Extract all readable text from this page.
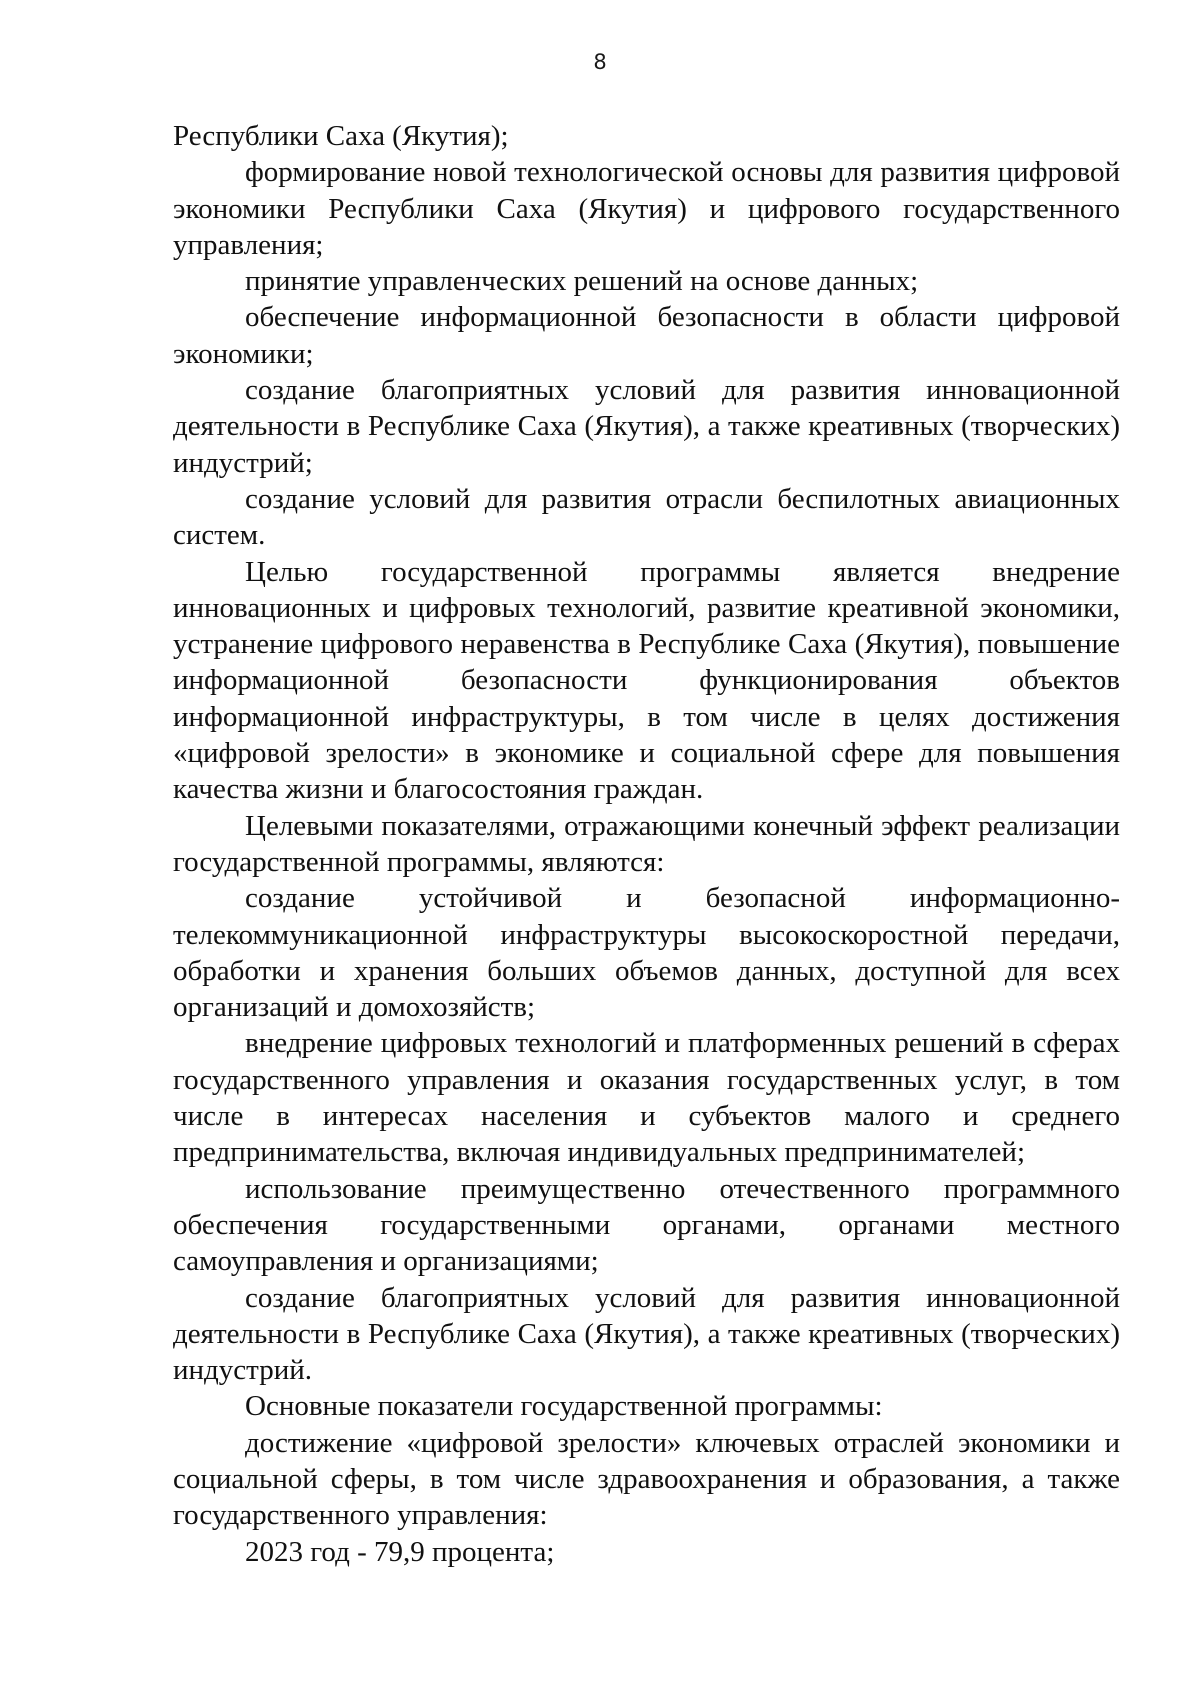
8

Республики Саха (Якутия);

формирование новой технологической основы для развития цифровой экономики Республики Саха (Якутия) и цифрового государственного управления;

принятие управленческих решений на основе данных;

обеспечение информационной безопасности в области цифровой экономики;

создание благоприятных условий для развития инновационной деятельности в Республике Саха (Якутия), а также креативных (творческих) индустрий;

создание условий для развития отрасли беспилотных авиационных систем.

Целью государственной программы является внедрение инновационных и цифровых технологий, развитие креативной экономики, устранение цифрового неравенства в Республике Саха (Якутия), повышение информационной безопасности функционирования объектов информационной инфраструктуры, в том числе в целях достижения «цифровой зрелости» в экономике и социальной сфере для повышения качества жизни и благосостояния граждан.

Целевыми показателями, отражающими конечный эффект реализации государственной программы, являются:

создание устойчивой и безопасной информационно-телекоммуникационной инфраструктуры высокоскоростной передачи, обработки и хранения больших объемов данных, доступной для всех организаций и домохозяйств;

внедрение цифровых технологий и платформенных решений в сферах государственного управления и оказания государственных услуг, в том числе в интересах населения и субъектов малого и среднего предпринимательства, включая индивидуальных предпринимателей;

использование преимущественно отечественного программного обеспечения государственными органами, органами местного самоуправления и организациями;

создание благоприятных условий для развития инновационной деятельности в Республике Саха (Якутия), а также креативных (творческих) индустрий.

Основные показатели государственной программы:

достижение «цифровой зрелости» ключевых отраслей экономики и социальной сферы, в том числе здравоохранения и образования, а также государственного управления:

2023 год - 79,9 процента;
